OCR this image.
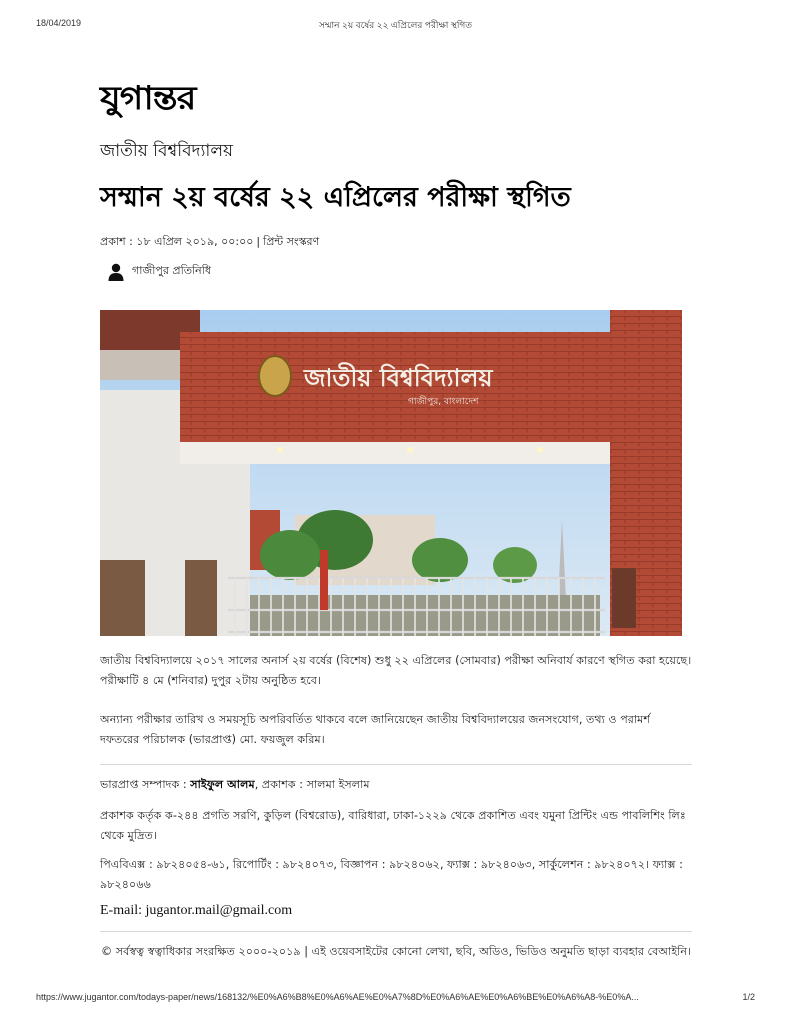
18/04/2019	সম্মান ২য় বর্ষের ২২ এপ্রিলের পরীক্ষা স্থগিত
যুগান্তর
জাতীয় বিশ্ববিদ্যালয়
সম্মান ২য় বর্ষের ২২ এপ্রিলের পরীক্ষা স্থগিত
প্রকাশ : ১৮ এপ্রিল ২০১৯, ০০:০০ | প্রিন্ট সংস্করণ
গাজীপুর প্রতিনিধি
জাতীয় বিশ্ববিদ্যালয়
গাজীপুর, বাংলাদেশ
জাতীয় বিশ্ববিদ্যালয়ে ২০১৭ সালের অনার্স ২য় বর্ষের (বিশেষ) শুধু ২২ এপ্রিলের (সোমবার) পরীক্ষা অনিবার্য কারণে স্থগিত করা হয়েছে। পরীক্ষাটি ৪ মে (শনিবার) দুপুর ২টায় অনুষ্ঠিত হবে।
অন্যান্য পরীক্ষার তারিখ ও সময়সূচি অপরিবর্তিত থাকবে বলে জানিয়েছেন জাতীয় বিশ্ববিদ্যালয়ের জনসংযোগ, তথ্য ও পরামর্শ দফতরের পরিচালক (ভারপ্রাপ্ত) মো. ফয়জুল করিম।
ভারপ্রাপ্ত সম্পাদক : সাইফুল আলম, প্রকাশক : সালমা ইসলাম
প্রকাশক কর্তৃক ক-২৪৪ প্রগতি সরণি, কুড়িল (বিশ্বরোড), বারিধারা, ঢাকা-১২২৯ থেকে প্রকাশিত এবং যমুনা প্রিন্টিং এন্ড পাবলিশিং লিঃ থেকে মুদ্রিত।
পিএবিএক্স : ৯৮২৪০৫৪-৬১, রিপোর্টিং : ৯৮২৪০৭৩, বিজ্ঞাপন : ৯৮২৪০৬২, ফ্যাক্স : ৯৮২৪০৬৩, সার্কুলেশন : ৯৮২৪০৭২। ফ্যাক্স : ৯৮২৪০৬৬
E-mail: jugantor.mail@gmail.com
© সর্বস্বত্ব স্বত্বাধিকার সংরক্ষিত ২০০০-২০১৯ | এই ওয়েবসাইটের কোনো লেখা, ছবি, অডিও, ভিডিও অনুমতি ছাড়া ব্যবহার বেআইনি।
https://www.jugantor.com/todays-paper/news/168132/%E0%A6%B8%E0%A6%AE%E0%A7%8D%E0%A6%AE%E0%A6%BE%E0%A6%A8-%E0%A...	1/2
